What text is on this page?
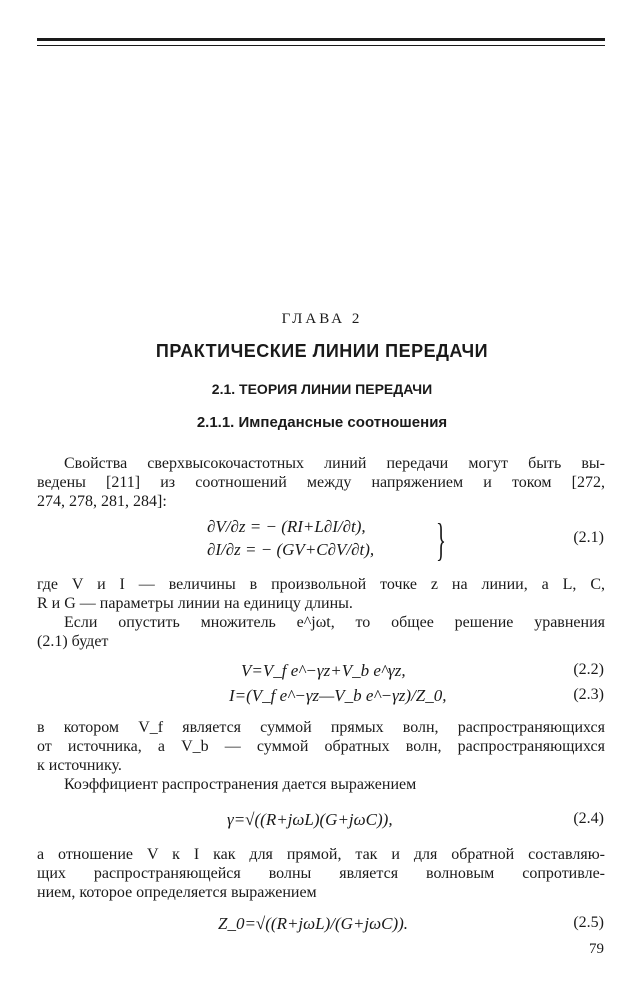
ГЛАВА 2
ПРАКТИЧЕСКИЕ ЛИНИИ ПЕРЕДАЧИ
2.1. ТЕОРИЯ ЛИНИИ ПЕРЕДАЧИ
2.1.1. Импедансные соотношения
Свойства сверхвысокочастотных линий передачи могут быть вы-
ведены [211] из соотношений между напряжением и током [272,
274, 278, 281, 284]:
∂V/∂z = − (RI+L∂I/∂t),
∂I/∂z = − (GV+C∂V/∂t), }	(2.1)
где V и I — величины в произвольной точке z на линии, а L, C,
R и G — параметры линии на единицу длины.
Если опустить множитель e^jωt, то общее решение уравнения
(2.1) будет
V=V_f e^−γz+V_b e^γz,	(2.2)
I=(V_f e^−γz—V_b e^−γz)/Z_0,	(2.3)
в котором V_f является суммой прямых волн, распространяющихся
от источника, а V_b — суммой обратных волн, распространяющихся
к источнику.
Коэффициент распространения дается выражением
γ=√((R+jωL)(G+jωC)),	(2.4)
а отношение V к I как для прямой, так и для обратной составляю-
щих распространяющейся волны является волновым сопротивле-
нием, которое определяется выражением
Z_0=√((R+jωL)/(G+jωC)).	(2.5)
79
